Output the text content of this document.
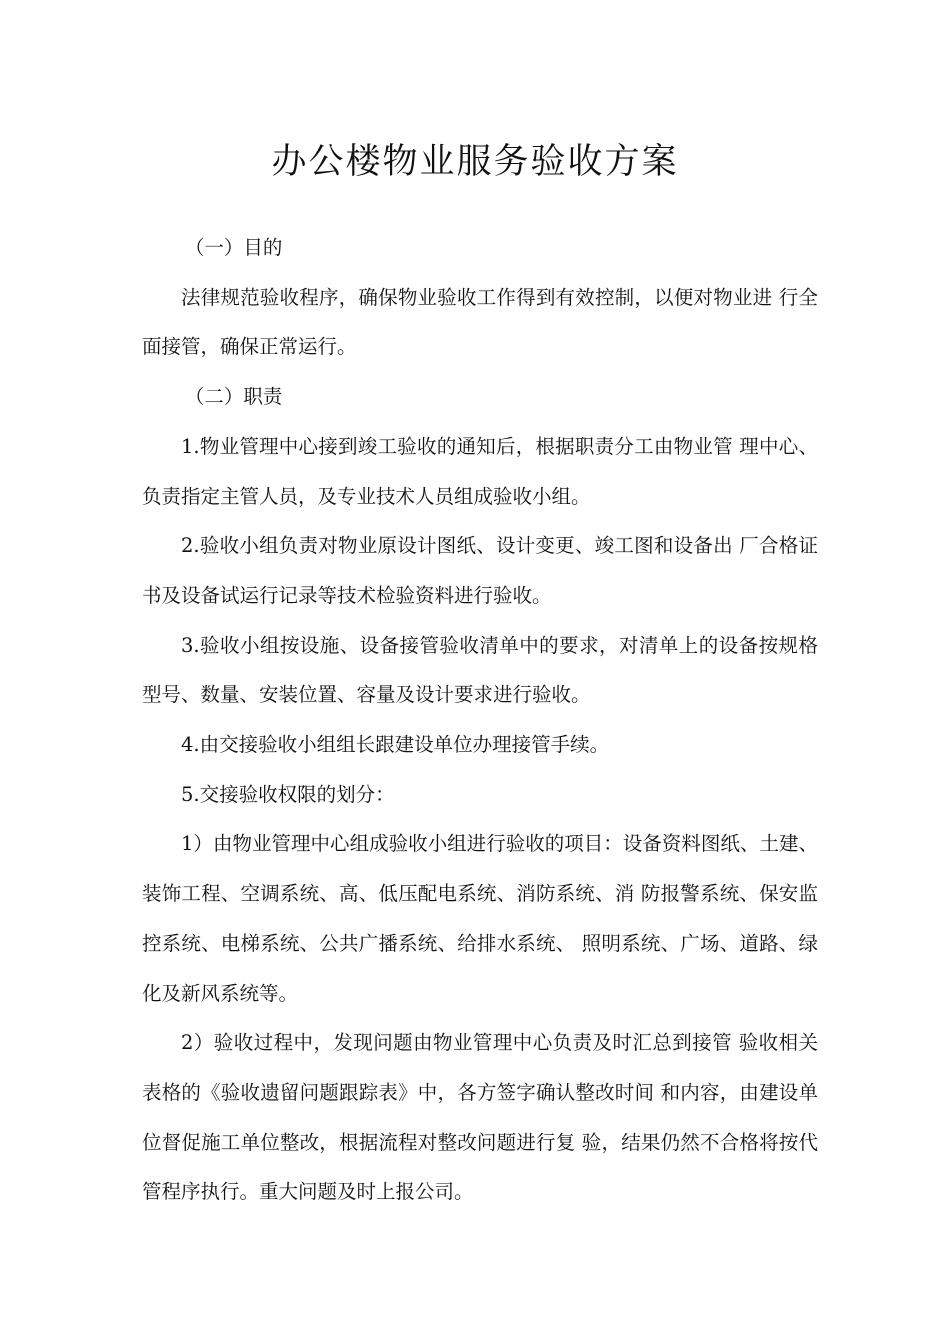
办公楼物业服务验收方案

（一）目的

法律规范验收程序，确保物业验收工作得到有效控制，以便对物业进 行全面接管，确保正常运行。

（二）职责

1.物业管理中心接到竣工验收的通知后，根据职责分工由物业管 理中心、负责指定主管人员，及专业技术人员组成验收小组。

2.验收小组负责对物业原设计图纸、设计变更、竣工图和设备出 厂合格证书及设备试运行记录等技术检验资料进行验收。

3.验收小组按设施、设备接管验收清单中的要求，对清单上的设备按规格型号、数量、安装位置、容量及设计要求进行验收。

4.由交接验收小组组长跟建设单位办理接管手续。

5.交接验收权限的划分：

1）由物业管理中心组成验收小组进行验收的项目：设备资料图纸、土建、装饰工程、空调系统、高、低压配电系统、消防系统、消 防报警系统、保安监控系统、电梯系统、公共广播系统、给排水系统、 照明系统、广场、道路、绿化及新风系统等。

2）验收过程中，发现问题由物业管理中心负责及时汇总到接管 验收相关表格的《验收遗留问题跟踪表》中，各方签字确认整改时间 和内容，由建设单位督促施工单位整改，根据流程对整改问题进行复 验，结果仍然不合格将按代管程序执行。重大问题及时上报公司。
